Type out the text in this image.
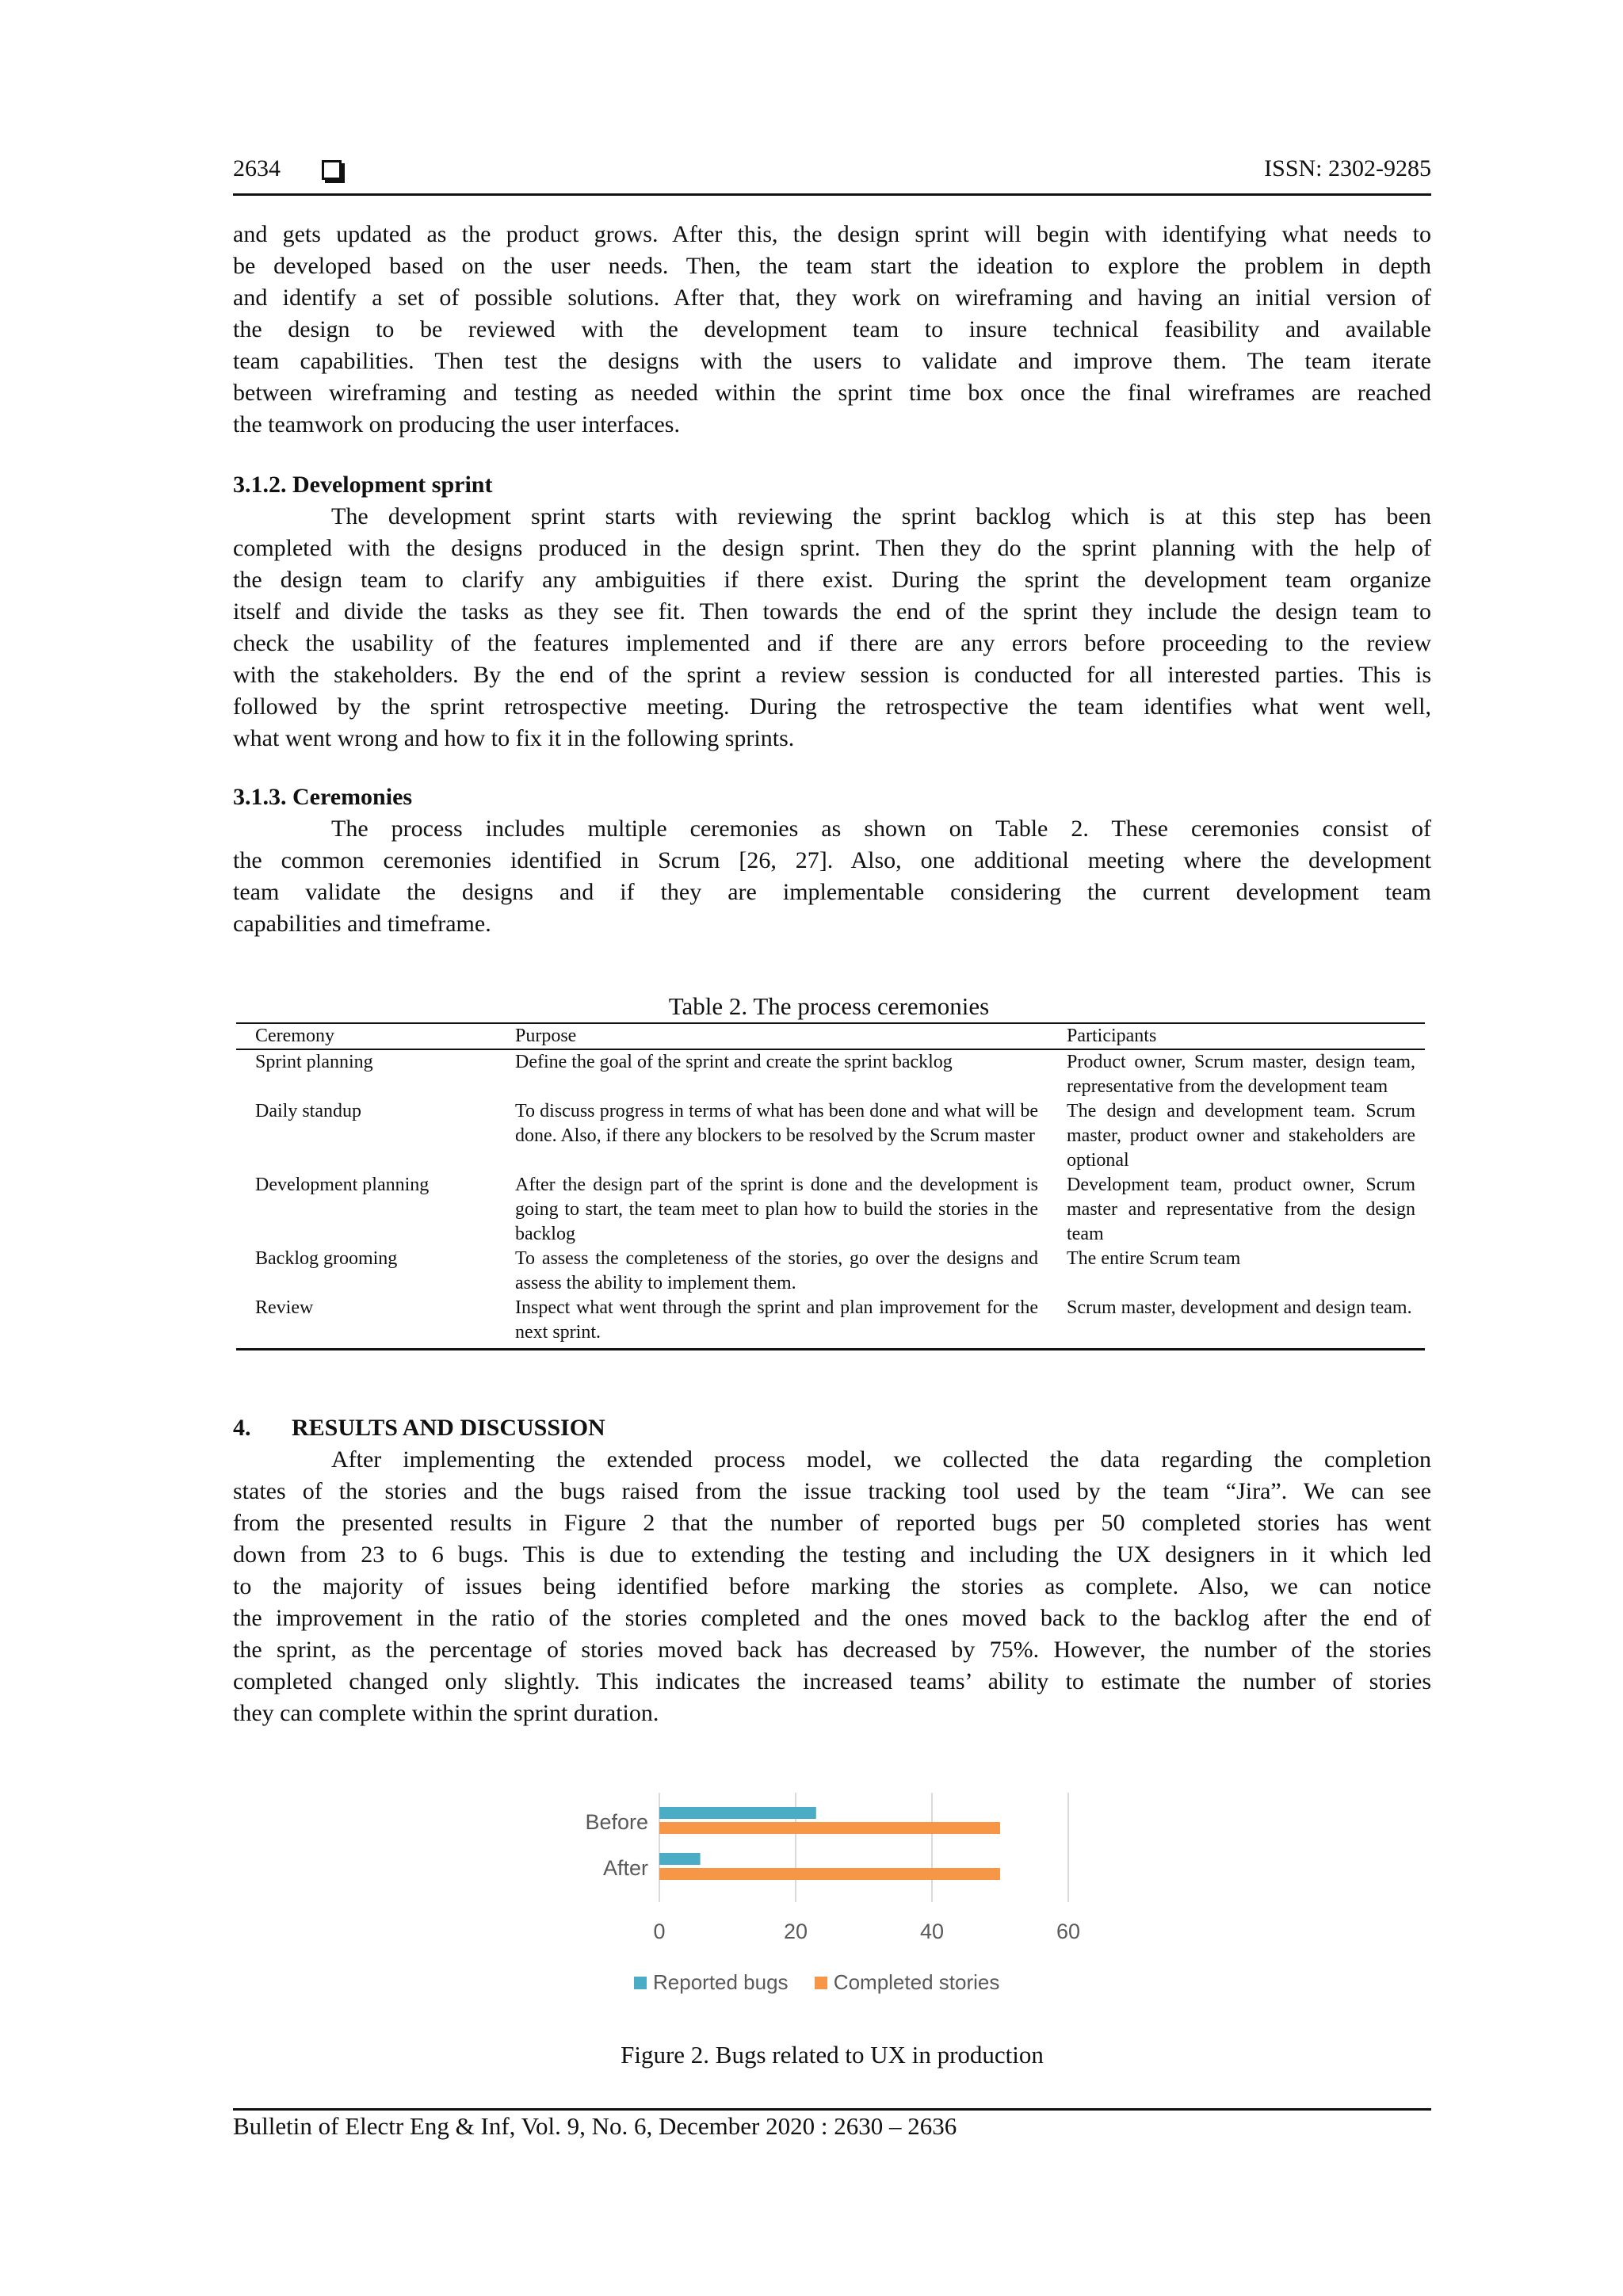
2634	ISSN: 2302-9285

and gets updated as the product grows. After this, the design sprint will begin with identifying what needs to

be developed based on the user needs. Then, the team start the ideation to explore the problem in depth

and identify a set of possible solutions. After that, they work on wireframing and having an initial version of

the design to be reviewed with the development team to insure technical feasibility and available

team capabilities. Then test the designs with the users to validate and improve them. The team iterate

between wireframing and testing as needed within the sprint time box once the final wireframes are reached

the teamwork on producing the user interfaces.

3.1.2. Development sprint

The development sprint starts with reviewing the sprint backlog which is at this step has been

completed with the designs produced in the design sprint. Then they do the sprint planning with the help of

the design team to clarify any ambiguities if there exist. During the sprint the development team organize

itself and divide the tasks as they see fit. Then towards the end of the sprint they include the design team to

check the usability of the features implemented and if there are any errors before proceeding to the review

with the stakeholders. By the end of the sprint a review session is conducted for all interested parties. This is

followed by the sprint retrospective meeting. During the retrospective the team identifies what went well,

what went wrong and how to fix it in the following sprints.

3.1.3. Ceremonies

The process includes multiple ceremonies as shown on Table 2. These ceremonies consist of

the common ceremonies identified in Scrum [26, 27]. Also, one additional meeting where the development

team validate the designs and if they are implementable considering the current development team

capabilities and timeframe.

Table 2. The process ceremonies
Ceremony	Purpose	Participants
Sprint planning	Define the goal of the sprint and create the sprint backlog	Product owner, Scrum master, design team, representative from the development team
Daily standup	To discuss progress in terms of what has been done and what will be done. Also, if there any blockers to be resolved by the Scrum master	The design and development team. Scrum master, product owner and stakeholders are optional
Development planning	After the design part of the sprint is done and the development is going to start, the team meet to plan how to build the stories in the backlog	Development team, product owner, Scrum master and representative from the design team
Backlog grooming	To assess the completeness of the stories, go over the designs and assess the ability to implement them.	The entire Scrum team
Review	Inspect what went through the sprint and plan improvement for the next sprint.	Scrum master, development and design team.

4. RESULTS AND DISCUSSION

After implementing the extended process model, we collected the data regarding the completion

states of the stories and the bugs raised from the issue tracking tool used by the team “Jira”. We can see

from the presented results in Figure 2 that the number of reported bugs per 50 completed stories has went

down from 23 to 6 bugs. This is due to extending the testing and including the UX designers in it which led

to the majority of issues being identified before marking the stories as complete. Also, we can notice

the improvement in the ratio of the stories completed and the ones moved back to the backlog after the end of

the sprint, as the percentage of stories moved back has decreased by 75%. However, the number of the stories

completed changed only slightly. This indicates the increased teams’ ability to estimate the number of stories

they can complete within the sprint duration.

0	20	40	60
Before
After
Reported bugs Completed stories
Figure 2. Bugs related to UX in production
Bulletin of Electr Eng & Inf, Vol. 9, No. 6, December 2020 : 2630 – 2636
